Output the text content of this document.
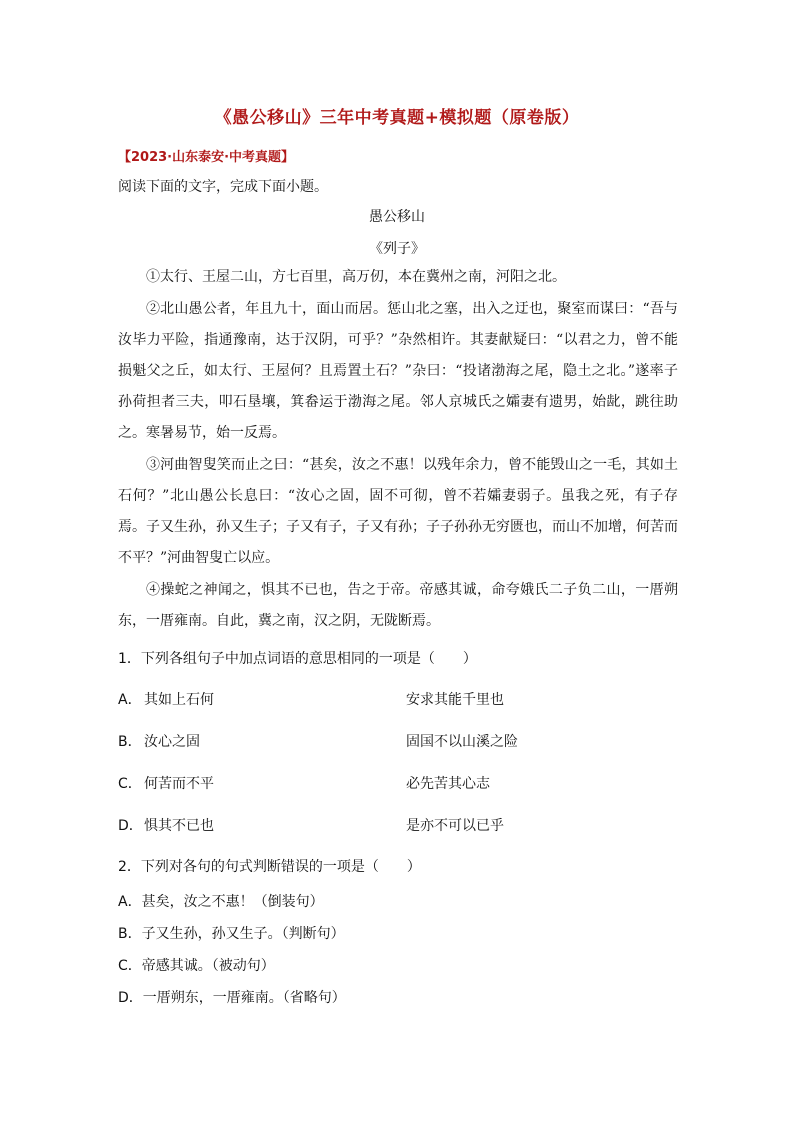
《愚公移山》三年中考真题+模拟题（原卷版）
【2023·山东泰安·中考真题】
阅读下面的文字，完成下面小题。
愚公移山
《列子》
①太行、王屋二山，方七百里，高万仞，本在冀州之南，河阳之北。
②北山愚公者，年且九十，面山而居。惩山北之塞，出入之迂也，聚室而谋曰：“吾与汝毕力平险，指通豫南，达于汉阴，可乎？”杂然相许。其妻献疑曰：“以君之力，曾不能损魁父之丘，如太行、王屋何？且焉置土石？”杂曰：“投诸渤海之尾，隐土之北。”遂率子孙荷担者三夫，叩石垦壤，箕畚运于渤海之尾。邻人京城氏之孀妻有遗男，始龀，跳往助之。寒暑易节，始一反焉。
③河曲智叟笑而止之曰：“甚矣，汝之不惠！以残年余力，曾不能毁山之一毛，其如土石何？”北山愚公长息曰：“汝心之固，固不可彻，曾不若孀妻弱子。虽我之死，有子存焉。子又生孙，孙又生子；子又有子，子又有孙；子子孙孙无穷匮也，而山不加增，何苦而不平？”河曲智叟亡以应。
④操蛇之神闻之，惧其不已也，告之于帝。帝感其诚，命夸娥氏二子负二山，一厝朔东，一厝雍南。自此，冀之南，汉之阴，无陇断焉。
1．下列各组句子中加点词语的意思相同的一项是（　　）
A． 其如上石何	安求其能千里也
B． 汝心之固	固国不以山溪之险
C． 何苦而不平	必先苦其心志
D． 惧其不已也	是亦不可以已乎
2．下列对各句的句式判断错误的一项是（　　）
A．甚矣，汝之不惠！（倒装句）
B．子又生孙，孙又生子。（判断句）
C．帝感其诚。（被动句）
D．一厝朔东，一厝雍南。（省略句）
